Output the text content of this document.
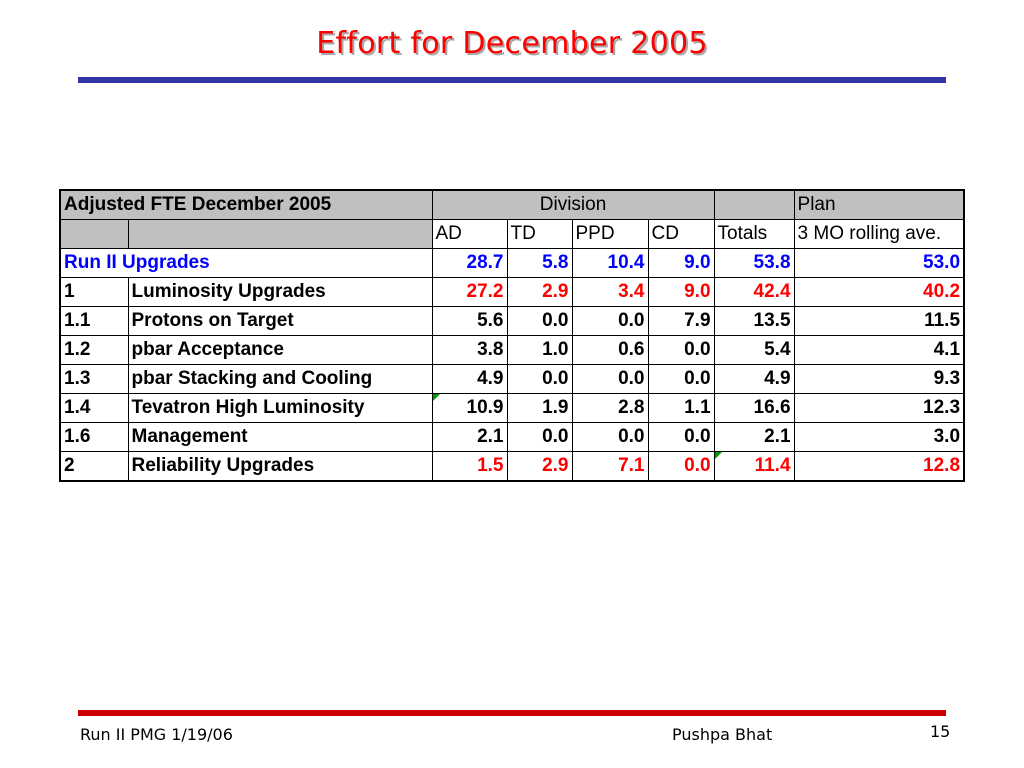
Effort for December 2005
Adjusted FTE December 2005		Division					Plan
		AD	TD	PPD	CD	Totals	3 MO rolling ave.
Run II Upgrades		28.7	5.8	10.4	9.0	53.8	53.0
1	Luminosity Upgrades	27.2	2.9	3.4	9.0	42.4	40.2
1.1	Protons on Target	5.6	0.0	0.0	7.9	13.5	11.5
1.2	pbar Acceptance	3.8	1.0	0.6	0.0	5.4	4.1
1.3	pbar Stacking and Cooling	4.9	0.0	0.0	0.0	4.9	9.3
1.4	Tevatron High Luminosity	10.9	1.9	2.8	1.1	16.6	12.3
1.6	Management	2.1	0.0	0.0	0.0	2.1	3.0
2	Reliability Upgrades	1.5	2.9	7.1	0.0	11.4	12.8
Run II PMG 1/19/06	Pushpa Bhat	15
